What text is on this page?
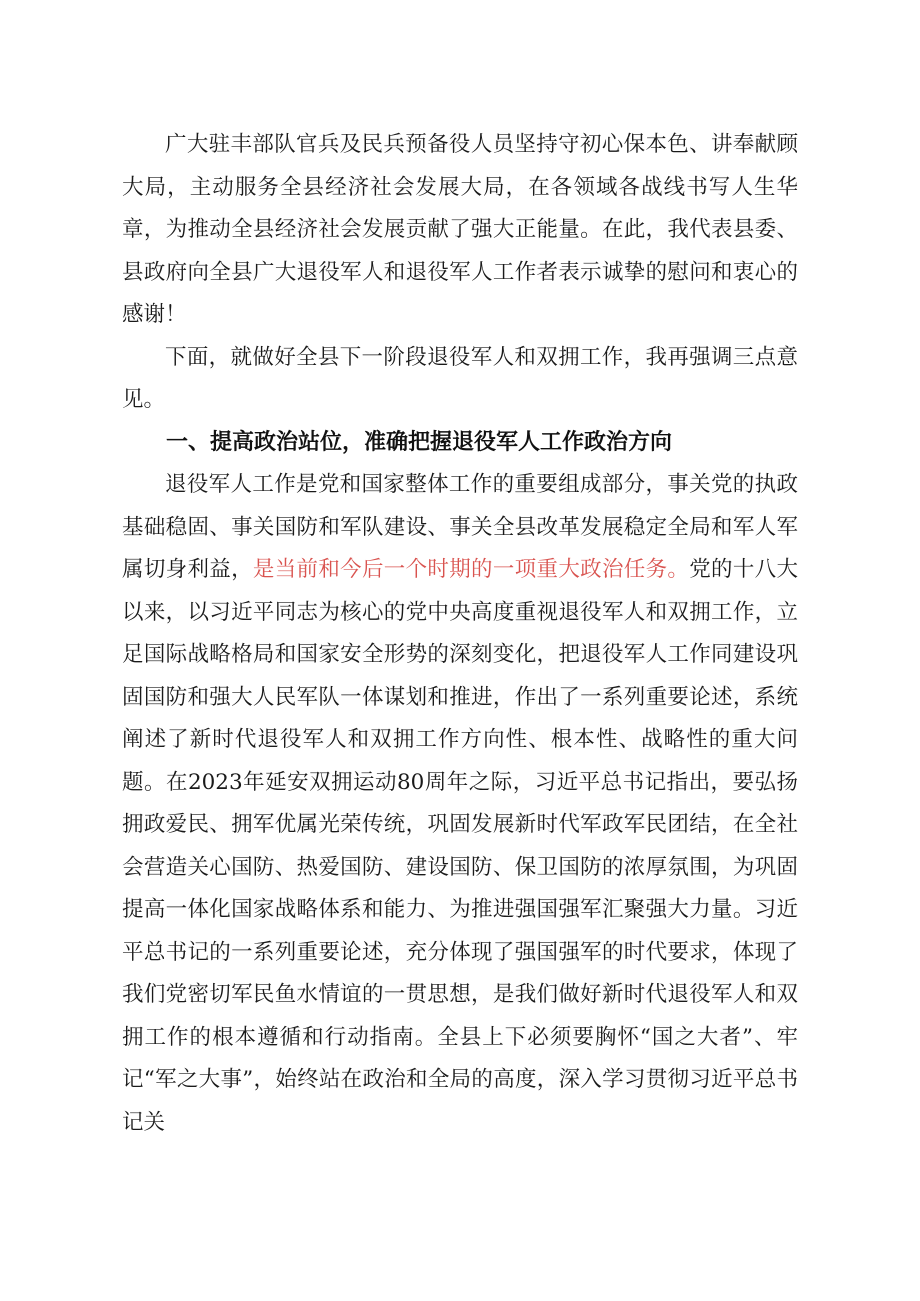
广大驻丰部队官兵及民兵预备役人员坚持守初心保本色、讲奉献顾大局，主动服务全县经济社会发展大局，在各领域各战线书写人生华章，为推动全县经济社会发展贡献了强大正能量。在此，我代表县委、县政府向全县广大退役军人和退役军人工作者表示诚挚的慰问和衷心的感谢！

下面，就做好全县下一阶段退役军人和双拥工作，我再强调三点意见。

一、提高政治站位，准确把握退役军人工作政治方向

退役军人工作是党和国家整体工作的重要组成部分，事关党的执政基础稳固、事关国防和军队建设、事关全县改革发展稳定全局和军人军属切身利益，是当前和今后一个时期的一项重大政治任务。党的十八大以来，以习近平同志为核心的党中央高度重视退役军人和双拥工作，立足国际战略格局和国家安全形势的深刻变化，把退役军人工作同建设巩固国防和强大人民军队一体谋划和推进，作出了一系列重要论述，系统阐述了新时代退役军人和双拥工作方向性、根本性、战略性的重大问题。在2023年延安双拥运动80周年之际，习近平总书记指出，要弘扬拥政爱民、拥军优属光荣传统，巩固发展新时代军政军民团结，在全社会营造关心国防、热爱国防、建设国防、保卫国防的浓厚氛围，为巩固提高一体化国家战略体系和能力、为推进强国强军汇聚强大力量。习近平总书记的一系列重要论述，充分体现了强国强军的时代要求，体现了我们党密切军民鱼水情谊的一贯思想，是我们做好新时代退役军人和双拥工作的根本遵循和行动指南。全县上下必须要胸怀“国之大者”、牢记“军之大事”，始终站在政治和全局的高度，深入学习贯彻习近平总书记关
